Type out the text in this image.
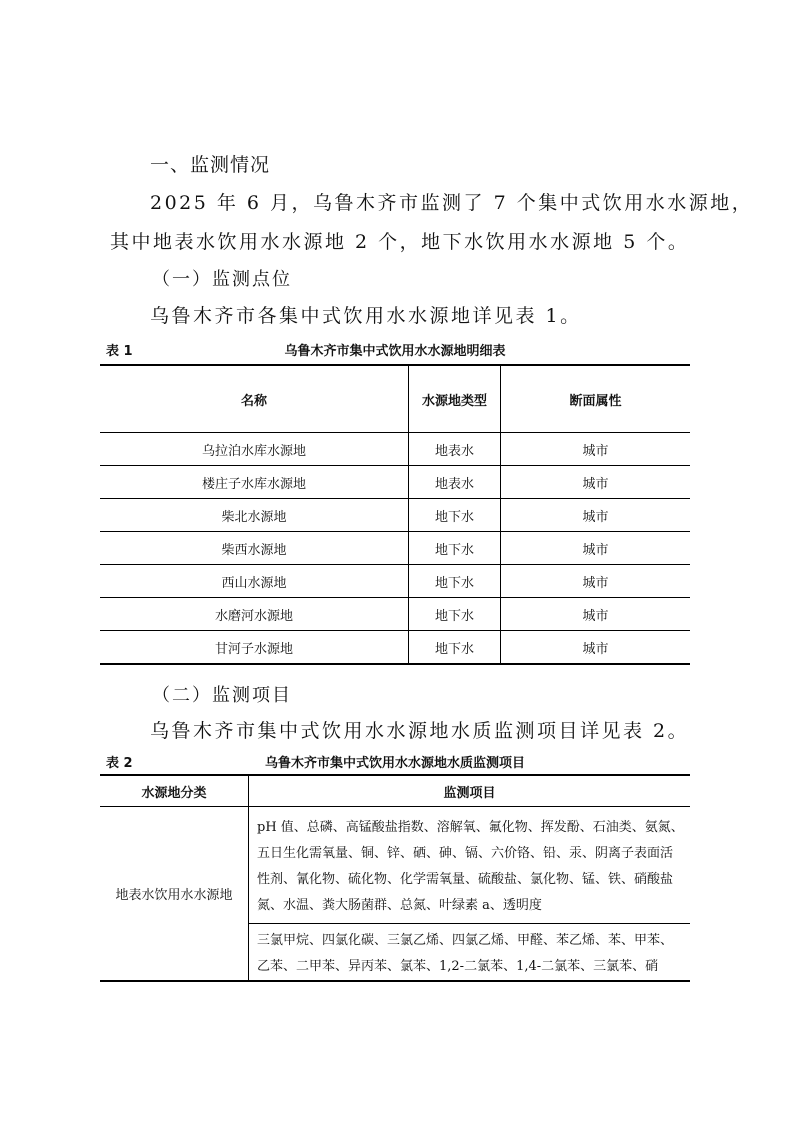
一、监测情况
2025 年 6 月，乌鲁木齐市监测了 7 个集中式饮用水水源地，
其中地表水饮用水水源地 2 个，地下水饮用水水源地 5 个。
（一）监测点位
乌鲁木齐市各集中式饮用水水源地详见表 1。
表 1	乌鲁木齐市集中式饮用水水源地明细表
名称	水源地类型	断面属性
乌拉泊水库水源地	地表水	城市
楼庄子水库水源地	地表水	城市
柴北水源地	地下水	城市
柴西水源地	地下水	城市
西山水源地	地下水	城市
水磨河水源地	地下水	城市
甘河子水源地	地下水	城市
（二）监测项目
乌鲁木齐市集中式饮用水水源地水质监测项目详见表 2。
表 2	乌鲁木齐市集中式饮用水水源地水质监测项目
水源地分类	监测项目
地表水饮用水水源地	pH 值、总磷、高锰酸盐指数、溶解氧、氟化物、挥发酚、石油类、氨氮、五日生化需氧量、铜、锌、硒、砷、镉、六价铬、铅、汞、阴离子表面活性剂、氰化物、硫化物、化学需氧量、硫酸盐、氯化物、锰、铁、硝酸盐氮、水温、粪大肠菌群、总氮、叶绿素 a、透明度
	三氯甲烷、四氯化碳、三氯乙烯、四氯乙烯、甲醛、苯乙烯、苯、甲苯、乙苯、二甲苯、异丙苯、氯苯、1,2-二氯苯、1,4-二氯苯、三氯苯、硝
